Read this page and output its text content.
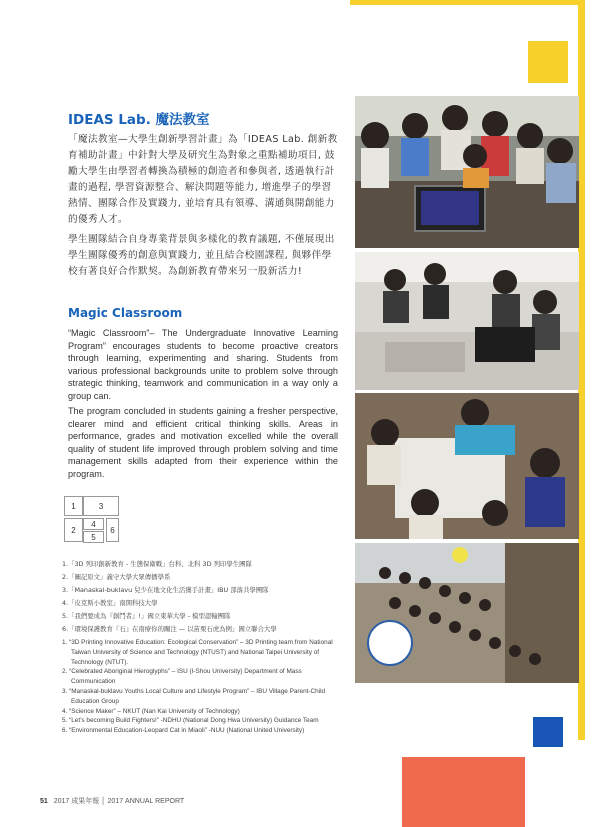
IDEAS Lab. 魔法教室

「魔法教室—大學生創新學習計畫」為「IDEAS Lab. 創新教育補助計畫」中針對大學及研究生為對象之重點補助項目, 鼓勵大學生由學習者轉換為積極的創造者和參與者, 透過執行計畫的過程, 學習資源整合、解決問題等能力, 增進學子的學習熱情、團隊合作及實踐力, 並培育具有領導、溝通與開創能力的優秀人才。

學生團隊結合自身專業背景與多樣化的教育議題, 不僅展現出學生團隊優秀的創意與實踐力, 並且結合校園課程, 與夥伴學校有著良好合作默契。為創新教育帶來另一股新活力!

Magic Classroom

“Magic Classroom”– The Undergraduate Innovative Learning Program” encourages students to become proactive creators through learning, experimenting and sharing. Students from various professional backgrounds unite to problem solve through strategic thinking, teamwork and communication in a way only a group can.

The program concluded in students gaining a fresher perspective, clearer mind and efficient critical thinking skills. Areas in performance, grades and motivation excelled while the overall quality of student life improved through problem solving and time management skills adapted from their experience within the program.

1	3
2
4
5
6
1.「3D 列印創新教育 - 生態保衛戰」台科、北科 3D 列印學生團隊
2.「圖記原文」義守大學大眾傳播學系
3.「Manaskal-buklavu 兒少在地文化生活獲手計畫」IBU 部落共學團隊
4.「皮克斯小教室」南開科技大學
5.「我們要成為『創鬥者』!」國立東華大學 - 模型認輸團隊
6.「環境保護教育『石』在南療你的關注 — 以苗栗石虎為例」國立聯合大學
1. “3D Printing Innovative Education: Ecological Conservation” – 3D Printing team from National Taiwan University of Science and Technology (NTUST) and National Taipei University of Technology (NTUT).
2. “Celebrated Aboriginal Hieroglyphs” – ISU (I-Shou University) Department of Mass Communication
3. “Manaskal-buklavu Youths Local Culture and Lifestyle Program” – IBU Village Parent-Child Education Group
4. “Science Maker” – NKUT (Nan Kai University of Technology)
5. “Let’s becoming Build Fighters!” -NDHU (National Dong Hwa University) Guidance Team
6. “Environmental Education-Leopard Cat in Miaoli” -NUU (National United University)
51 2017 成果年報 │ 2017 ANNUAL REPORT
